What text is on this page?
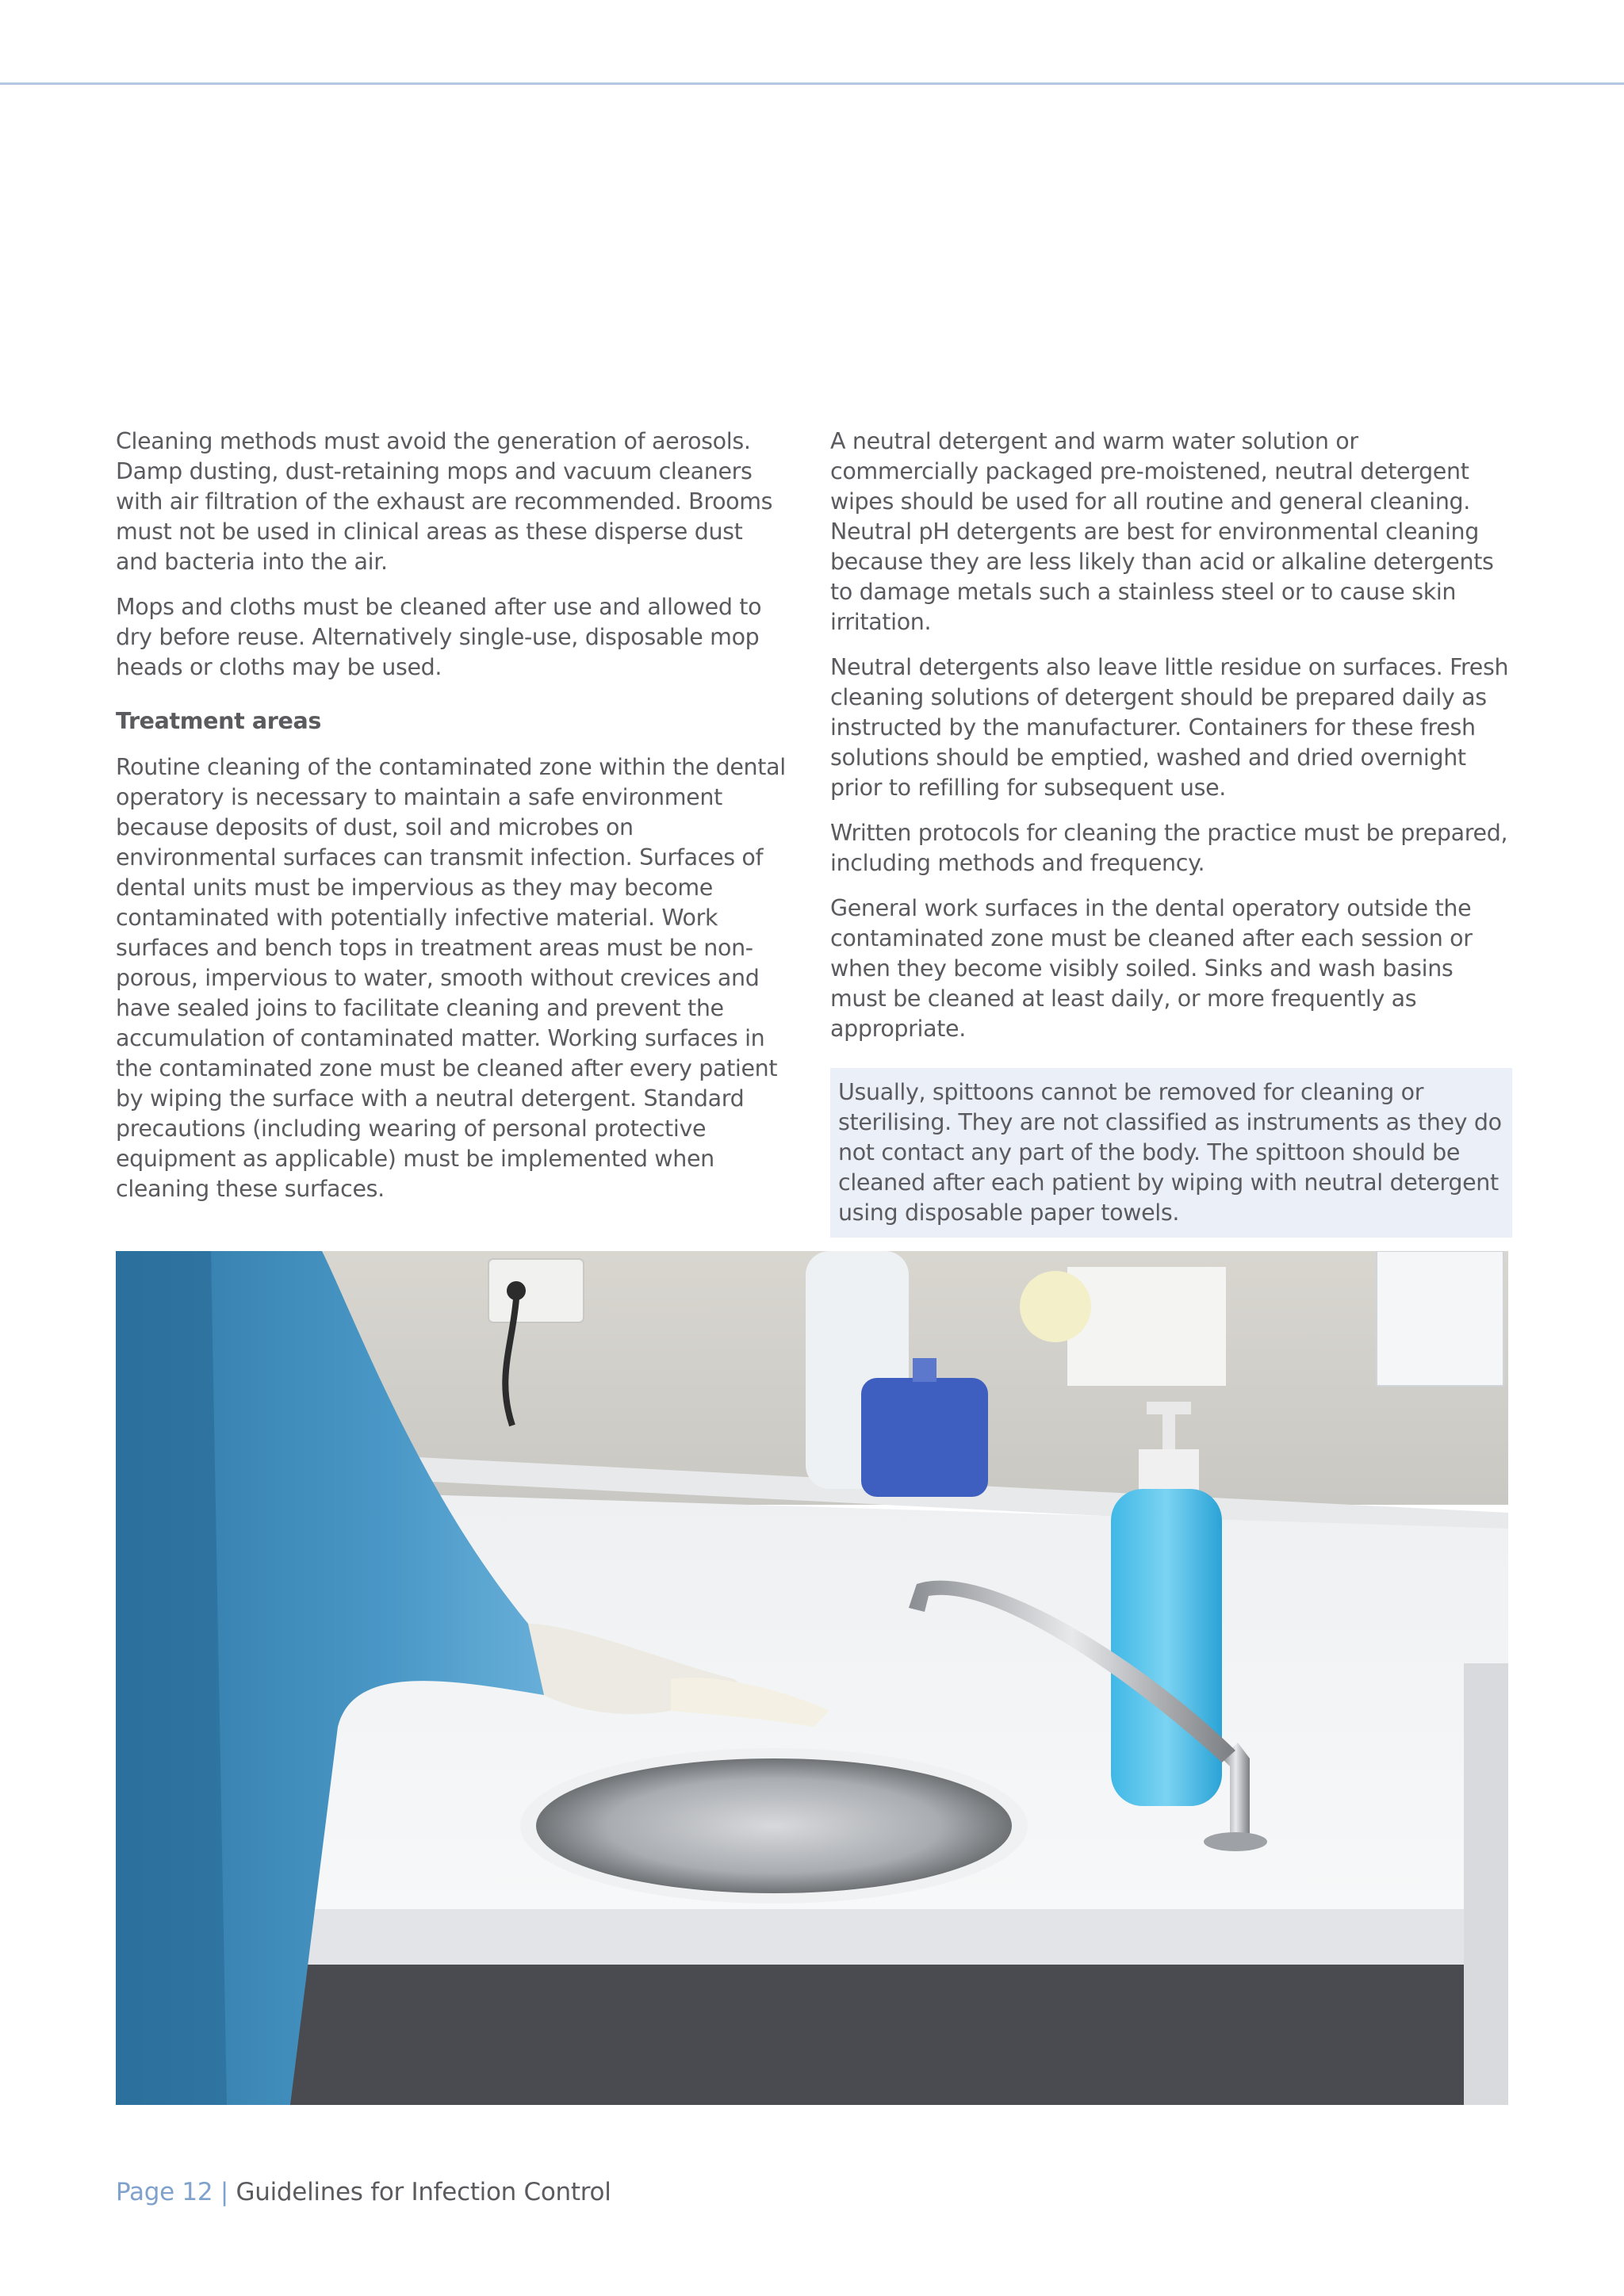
Cleaning methods must avoid the generation of aerosols. Damp dusting, dust-retaining mops and vacuum cleaners with air filtration of the exhaust are recommended. Brooms must not be used in clinical areas as these disperse dust and bacteria into the air.

Mops and cloths must be cleaned after use and allowed to dry before reuse. Alternatively single-use, disposable mop heads or cloths may be used.

Treatment areas

Routine cleaning of the contaminated zone within the dental operatory is necessary to maintain a safe environment because deposits of dust, soil and microbes on environmental surfaces can transmit infection. Surfaces of dental units must be impervious as they may become contaminated with potentially infective material. Work surfaces and bench tops in treatment areas must be non-porous, impervious to water, smooth without crevices and have sealed joins to facilitate cleaning and prevent the accumulation of contaminated matter. Working surfaces in the contaminated zone must be cleaned after every patient by wiping the surface with a neutral detergent. Standard precautions (including wearing of personal protective equipment as applicable) must be implemented when cleaning these surfaces.

A neutral detergent and warm water solution or commercially packaged pre-moistened, neutral detergent wipes should be used for all routine and general cleaning. Neutral pH detergents are best for environmental cleaning because they are less likely than acid or alkaline detergents to damage metals such a stainless steel or to cause skin irritation.

Neutral detergents also leave little residue on surfaces. Fresh cleaning solutions of detergent should be prepared daily as instructed by the manufacturer. Containers for these fresh solutions should be emptied, washed and dried overnight prior to refilling for subsequent use.

Written protocols for cleaning the practice must be prepared, including methods and frequency.

General work surfaces in the dental operatory outside the contaminated zone must be cleaned after each session or when they become visibly soiled. Sinks and wash basins must be cleaned at least daily, or more frequently as appropriate.

Usually, spittoons cannot be removed for cleaning or sterilising. They are not classified as instruments as they do not contact any part of the body. The spittoon should be cleaned after each patient by wiping with neutral detergent using disposable paper towels.
Page 12 | Guidelines for Infection Control
